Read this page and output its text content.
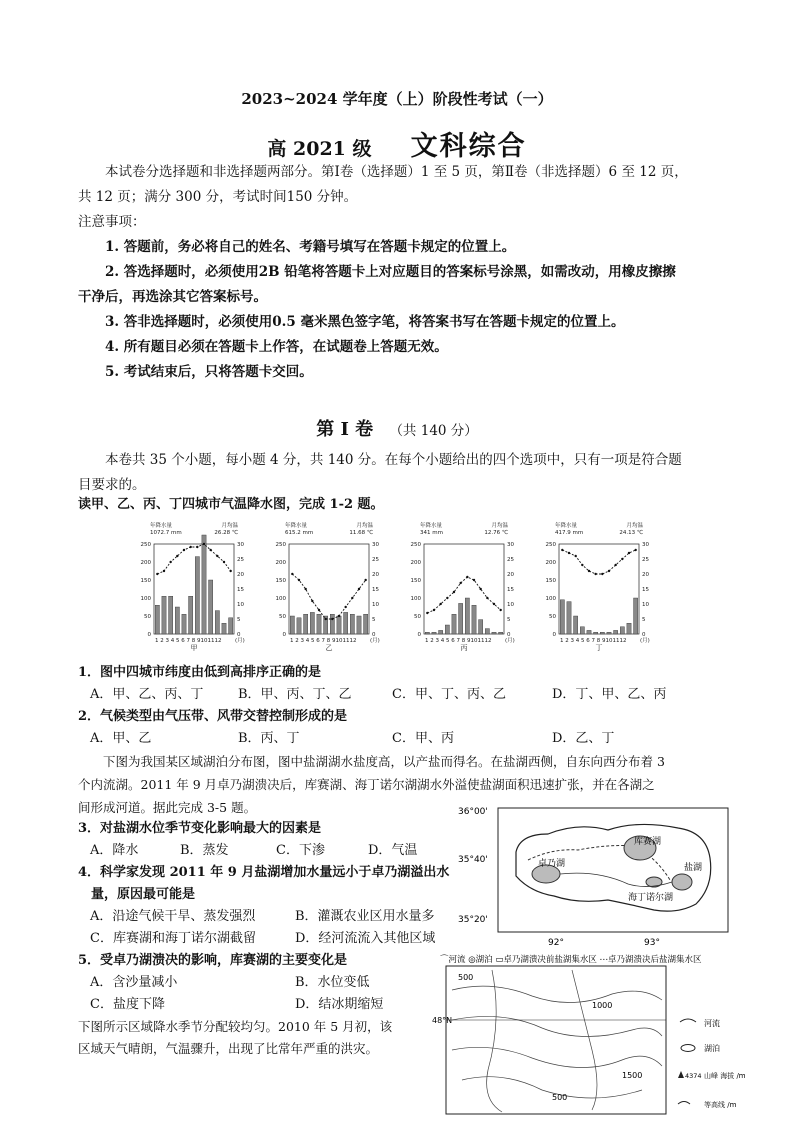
2023~2024 学年度（上）阶段性考试（一）
高 2021 级 文科综合
本试卷分选择题和非选择题两部分。第Ⅰ卷（选择题）1 至 5 页，第Ⅱ卷（非选择题）6 至 12 页，
共 12 页；满分 300 分，考试时间150 分钟。
注意事项：
1. 答题前，务必将自己的姓名、考籍号填写在答题卡规定的位置上。
2. 答选择题时，必须使用2B 铅笔将答题卡上对应题目的答案标号涂黑，如需改动，用橡皮擦擦
干净后，再选涂其它答案标号。
3. 答非选择题时，必须使用0.5 毫米黑色签字笔，将答案书写在答题卡规定的位置上。
4. 所有题目必须在答题卡上作答，在试题卷上答题无效。
5. 考试结束后，只将答题卡交回。
第 Ⅰ 卷 （共 140 分）
本卷共 35 个小题，每小题 4 分，共 140 分。在每个小题给出的四个选项中，只有一项是符合题
目要求的。
读甲、乙、丙、丁四城市气温降水图，完成 1-2 题。
年降水量
1072.7 mm
月均温
26.28 ℃
0
50
100
150
200
250
0
5
10
15
20
25
30
1 2 3 4 5 6 7 8 9101112 (月)
甲
年降水量
615.2 mm
月均温
11.68 ℃
0
50
100
150
200
250
0
5
10
15
20
25
30
1 2 3 4 5 6 7 8 9101112 (月)
乙
年降水量
341 mm
月均温
12.76 ℃
0
50
100
150
200
250
0
5
10
15
20
25
30
1 2 3 4 5 6 7 8 9101112 (月)
丙
年降水量
417.9 mm
月均温
24.13 ℃
0
50
100
150
200
250
0
5
10
15
20
25
30
1 2 3 4 5 6 7 8 9101112 (月)
丁
1．图中四城市纬度由低到高排序正确的是
A．甲、乙、丙、丁	B．甲、丙、丁、乙	C．甲、丁、丙、乙	D．丁、甲、乙、丙
2．气候类型由气压带、风带交替控制形成的是
A．甲、乙	B．丙、丁	C．甲、丙	D．乙、丁
下图为我国某区域湖泊分布图，图中盐湖湖水盐度高，以产盐而得名。在盐湖西侧，自东向西分布着 3
个内流湖。2011 年 9 月卓乃湖溃决后，库赛湖、海丁诺尔湖湖水外溢使盐湖面积迅速扩张，并在各湖之
间形成河道。据此完成 3-5 题。
3．对盐湖水位季节变化影响最大的因素是
A．降水	B．蒸发	C．下渗	D．气温
4．科学家发现 2011 年 9 月盐湖增加水量远小于卓乃湖溢出水
量，原因最可能是
A．沿途气候干旱、蒸发强烈	B．灌溉农业区用水量多
C．库赛湖和海丁诺尔湖截留	D．经河流流入其他区域
5．受卓乃湖溃决的影响，库赛湖的主要变化是
A．含沙量减小	B．水位变低
C．盐度下降	D．结冰期缩短
下图所示区域降水季节分配较均匀。2010 年 5 月初，该
区域天气晴朗，气温骤升，出现了比常年严重的洪灾。
卓乃湖
库赛湖
海丁诺尔湖
盐湖
36°00'
35°40'
35°20'
92°	93°
⌒河流 ◎湖泊 ▭卓乃湖溃决前盐湖集水区 ⋯卓乃湖溃决后盐湖集水区
48°N
500
1000
1500
500
河流
湖泊
4374 山峰 海拔 /m
等高线 /m
